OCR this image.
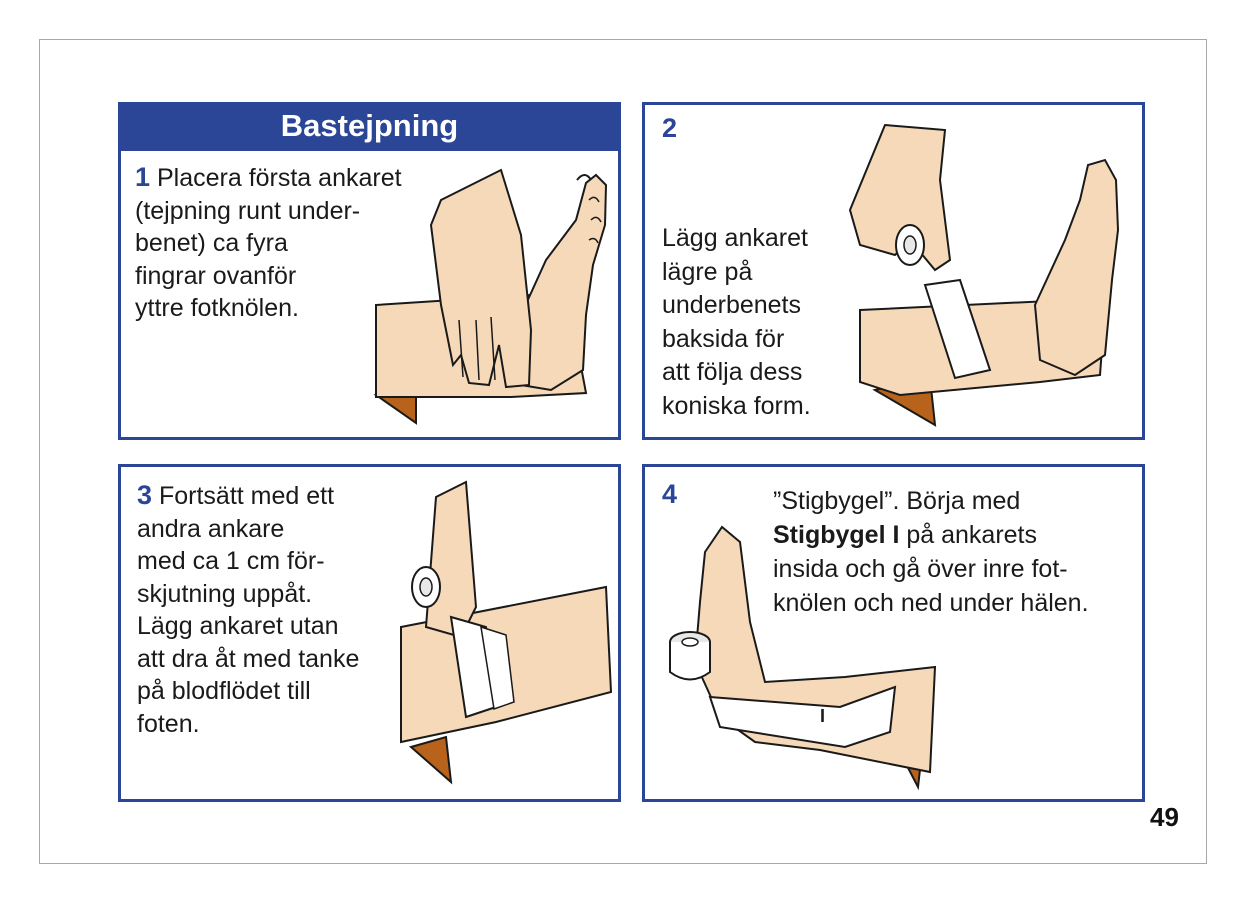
Bastejpning
1 Placera första ankaret
(tejpning runt under-
benet) ca fyra
fingrar ovanför
yttre fotknölen.
2
Lägg ankaret
lägre på
underbenets
baksida för
att följa dess
koniska form.
3 Fortsätt med ett
andra ankare
med ca 1 cm för-
skjutning uppåt.
Lägg ankaret utan
att dra åt med tanke
på blodflödet till
foten.
4	”Stigbygel”. Börja med
Stigbygel I på ankarets
insida och gå över inre fot-
knölen och ned under hälen.
I
49
